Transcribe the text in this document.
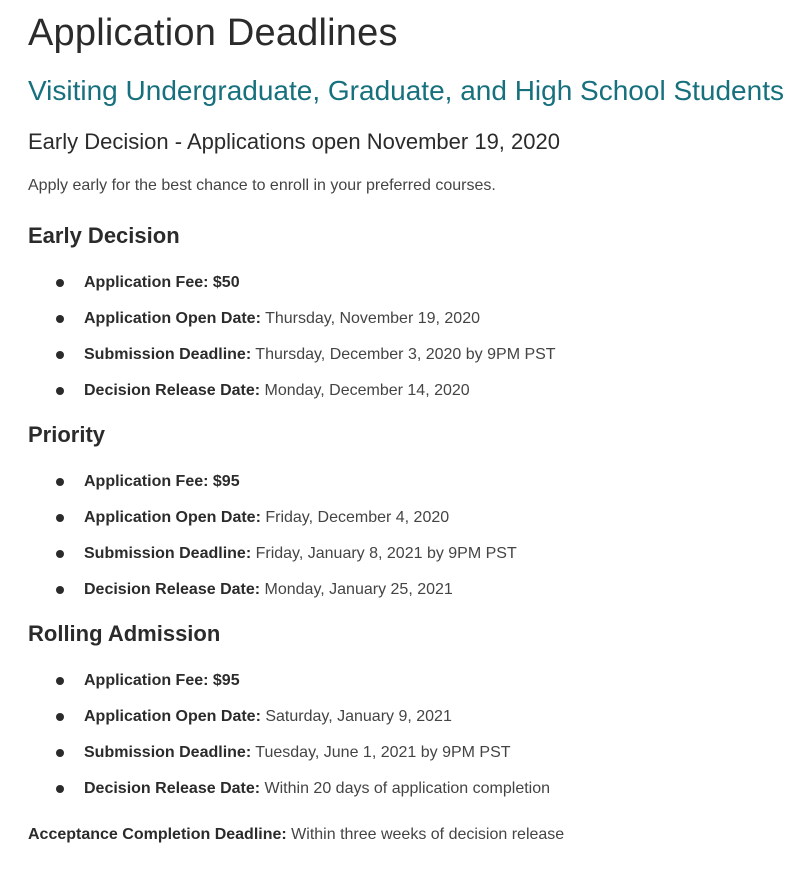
Application Deadlines
Visiting Undergraduate, Graduate, and High School Students
Early Decision - Applications open November 19, 2020

Apply early for the best chance to enroll in your preferred courses.

Early Decision
Application Fee: $50
Application Open Date: Thursday, November 19, 2020
Submission Deadline: Thursday, December 3, 2020 by 9PM PST
Decision Release Date: Monday, December 14, 2020
Priority
Application Fee: $95
Application Open Date: Friday, December 4, 2020
Submission Deadline: Friday, January 8, 2021 by 9PM PST
Decision Release Date: Monday, January 25, 2021
Rolling Admission
Application Fee: $95
Application Open Date: Saturday, January 9, 2021
Submission Deadline: Tuesday, June 1, 2021 by 9PM PST
Decision Release Date: Within 20 days of application completion

Acceptance Completion Deadline: Within three weeks of decision release
